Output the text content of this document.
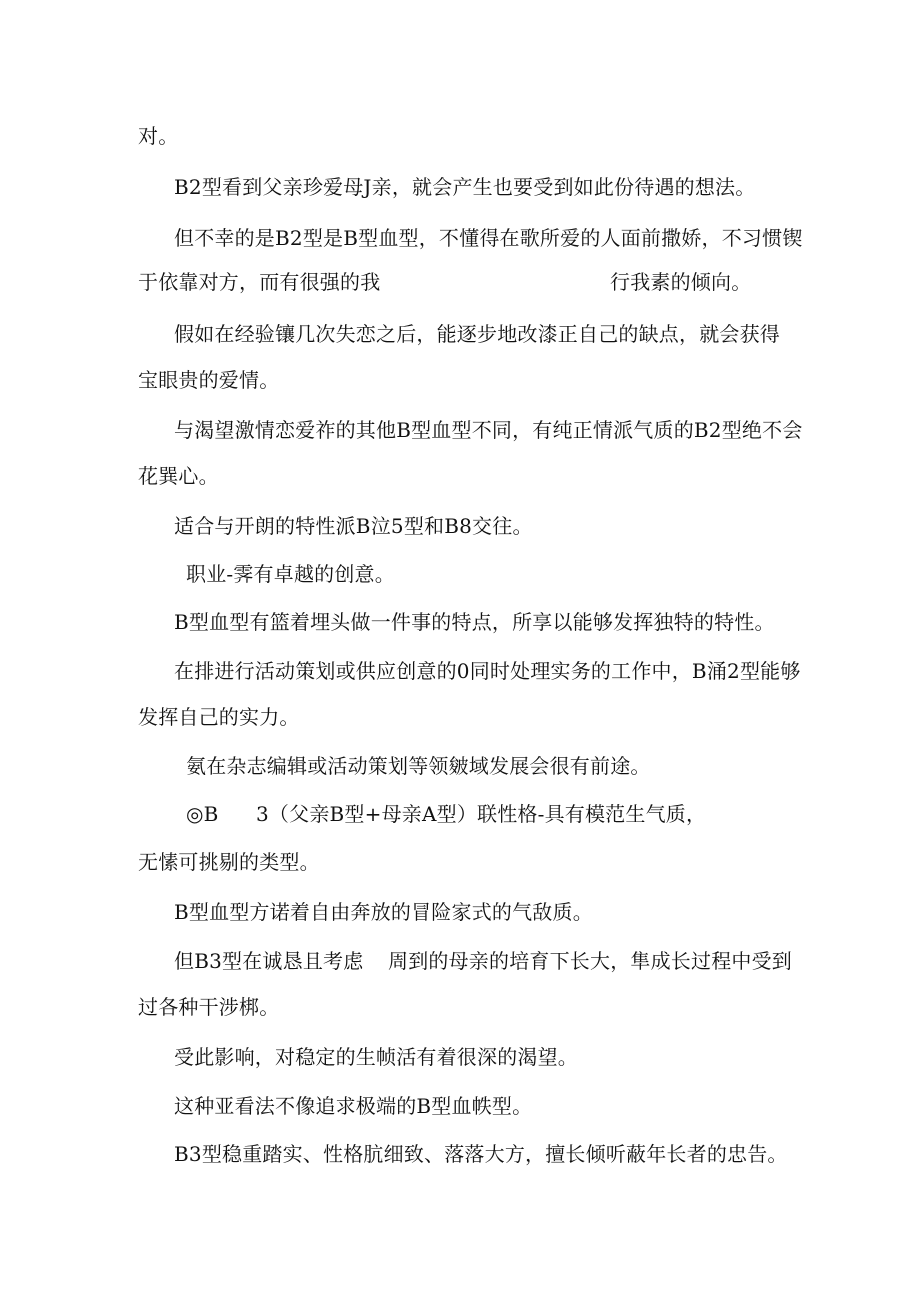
对。
B2型看到父亲珍爱母J亲，就会产生也要受到如此份待遇的想法。
但不幸的是B2型是B型血型，不懂得在歌所爱的人面前撒娇，不习惯锲
于依靠对方，而有很强的我	行我素的倾向。
假如在经验镶几次失恋之后，能逐步地改漆正自己的缺点，就会获得
宝眼贵的爱情。
与渴望激情恋爱祚的其他B型血型不同，有纯正情派气质的B2型绝不会
花巽心。
适合与开朗的特性派B泣5型和B8交往。
职业-霁有卓越的创意。
B型血型有篮着埋头做一件事的特点，所享以能够发挥独特的特性。
在排进行活动策划或供应创意的0同时处理实务的工作中，B涌2型能够
发挥自己的实力。
氨在杂志编辑或活动策划等领皴域发展会很有前途。
◎B 3（父亲B型+母亲A型）联性格-具有模范生气质，
无愫可挑剔的类型。
B型血型方诺着自由奔放的冒险家式的气敌质。
但B3型在诚恳且考虑 周到的母亲的培育下长大，隼成长过程中受到
过各种干涉梆。
受此影响，对稳定的生帧活有着很深的渴望。
这种亚看法不像追求极端的B型血帙型。
B3型稳重踏实、性格肮细致、落落大方，擅长倾听蔽年长者的忠告。
